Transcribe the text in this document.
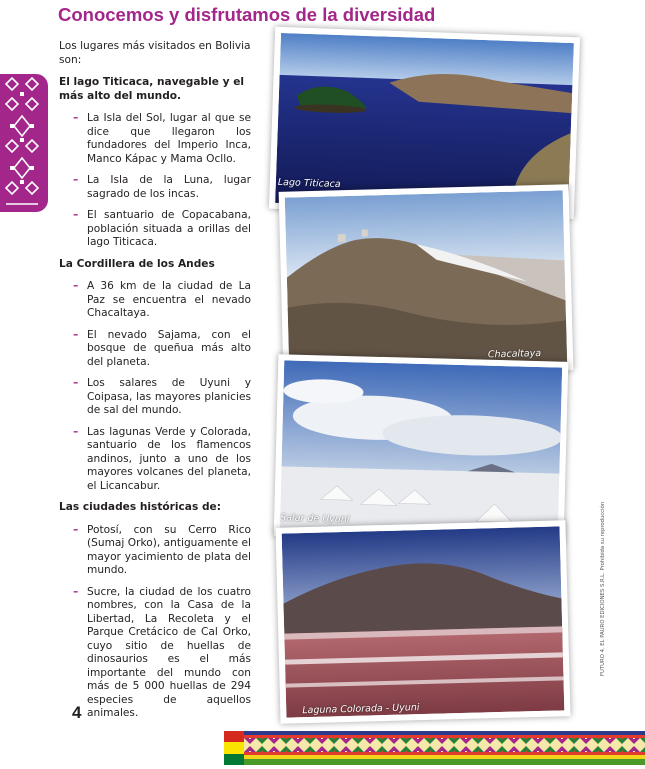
Conocemos y disfrutamos de la diversidad

Los lugares más visitados en Bolivia son:

El lago Titicaca, navegable y el más alto del mundo.

– La Isla del Sol, lugar al que se dice que llegaron los fundadores del Imperio Inca, Manco Kápac y Mama Ocllo.
– La Isla de la Luna, lugar sagrado de los incas.
– El santuario de Copacabana, población situada a orillas del lago Titicaca.

La Cordillera de los Andes

– A 36 km de la ciudad de La Paz se encuentra el nevado Chacaltaya.
– El nevado Sajama, con el bosque de queñua más alto del planeta.
– Los salares de Uyuni y Coipasa, las mayores planicies de sal del mundo.
– Las lagunas Verde y Colorada, santuario de los flamencos andinos, junto a uno de los mayores volcanes del planeta, el Licancabur.

Las ciudades históricas de:

– Potosí, con su Cerro Rico (Sumaj Orko), antiguamente el mayor yacimiento de plata del mundo.
– Sucre, la ciudad de los cuatro nombres, con la Casa de la Libertad, La Recoleta y el Parque Cretácico de Cal Orko, cuyo sitio de huellas de dinosaurios es el más importante del mundo con más de 5 000 huellas de 294 especies de aquellos animales.
Lago Titicaca
Chacaltaya
Salar de Uyuni
Laguna Colorada - Uyuni
4
FUTURO 4. EL PAURO EDICIONES S.R.L. Prohibida su reproducción
